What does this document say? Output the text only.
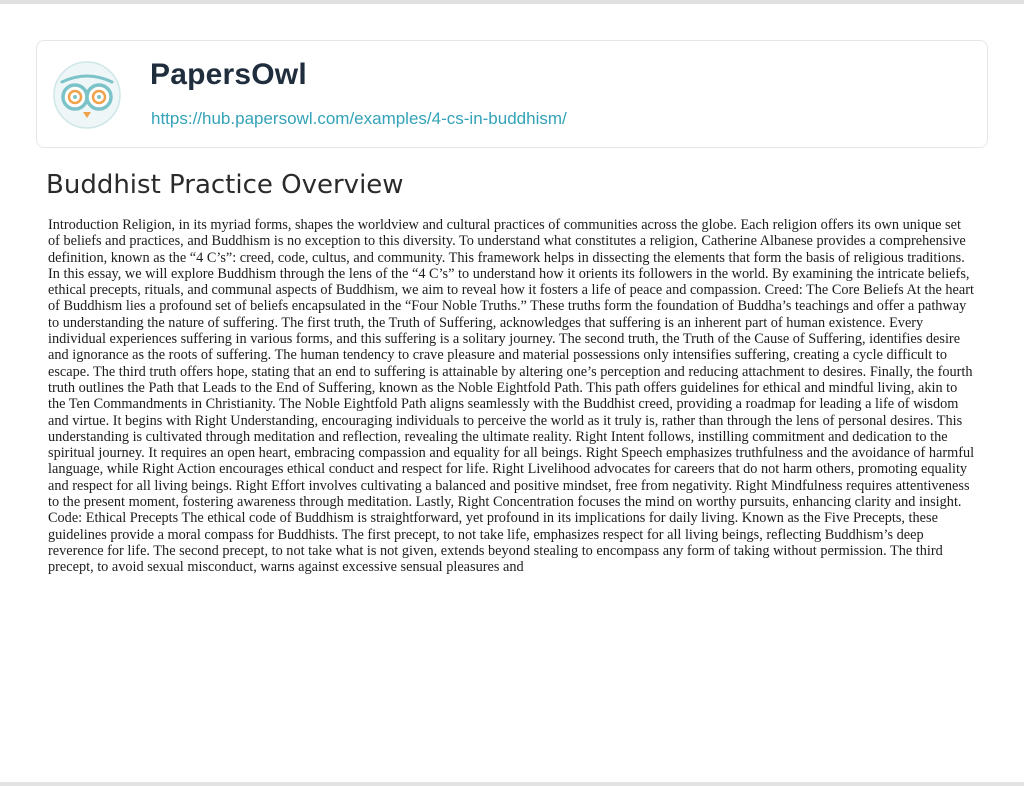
PapersOwl
https://hub.papersowl.com/examples/4-cs-in-buddhism/
Buddhist Practice Overview

Introduction Religion, in its myriad forms, shapes the worldview and cultural practices of communities across the globe. Each religion offers its own unique set of beliefs and practices, and Buddhism is no exception to this diversity. To understand what constitutes a religion, Catherine Albanese provides a comprehensive definition, known as the “4 C’s”: creed, code, cultus, and community. This framework helps in dissecting the elements that form the basis of religious traditions. In this essay, we will explore Buddhism through the lens of the “4 C’s” to understand how it orients its followers in the world. By examining the intricate beliefs, ethical precepts, rituals, and communal aspects of Buddhism, we aim to reveal how it fosters a life of peace and compassion. Creed: The Core Beliefs At the heart of Buddhism lies a profound set of beliefs encapsulated in the “Four Noble Truths.” These truths form the foundation of Buddha’s teachings and offer a pathway to understanding the nature of suffering. The first truth, the Truth of Suffering, acknowledges that suffering is an inherent part of human existence. Every individual experiences suffering in various forms, and this suffering is a solitary journey. The second truth, the Truth of the Cause of Suffering, identifies desire and ignorance as the roots of suffering. The human tendency to crave pleasure and material possessions only intensifies suffering, creating a cycle difficult to escape. The third truth offers hope, stating that an end to suffering is attainable by altering one’s perception and reducing attachment to desires. Finally, the fourth truth outlines the Path that Leads to the End of Suffering, known as the Noble Eightfold Path. This path offers guidelines for ethical and mindful living, akin to the Ten Commandments in Christianity. The Noble Eightfold Path aligns seamlessly with the Buddhist creed, providing a roadmap for leading a life of wisdom and virtue. It begins with Right Understanding, encouraging individuals to perceive the world as it truly is, rather than through the lens of personal desires. This understanding is cultivated through meditation and reflection, revealing the ultimate reality. Right Intent follows, instilling commitment and dedication to the spiritual journey. It requires an open heart, embracing compassion and equality for all beings. Right Speech emphasizes truthfulness and the avoidance of harmful language, while Right Action encourages ethical conduct and respect for life. Right Livelihood advocates for careers that do not harm others, promoting equality and respect for all living beings. Right Effort involves cultivating a balanced and positive mindset, free from negativity. Right Mindfulness requires attentiveness to the present moment, fostering awareness through meditation. Lastly, Right Concentration focuses the mind on worthy pursuits, enhancing clarity and insight. Code: Ethical Precepts The ethical code of Buddhism is straightforward, yet profound in its implications for daily living. Known as the Five Precepts, these guidelines provide a moral compass for Buddhists. The first precept, to not take life, emphasizes respect for all living beings, reflecting Buddhism’s deep reverence for life. The second precept, to not take what is not given, extends beyond stealing to encompass any form of taking without permission. The third precept, to avoid sexual misconduct, warns against excessive sensual pleasures and
